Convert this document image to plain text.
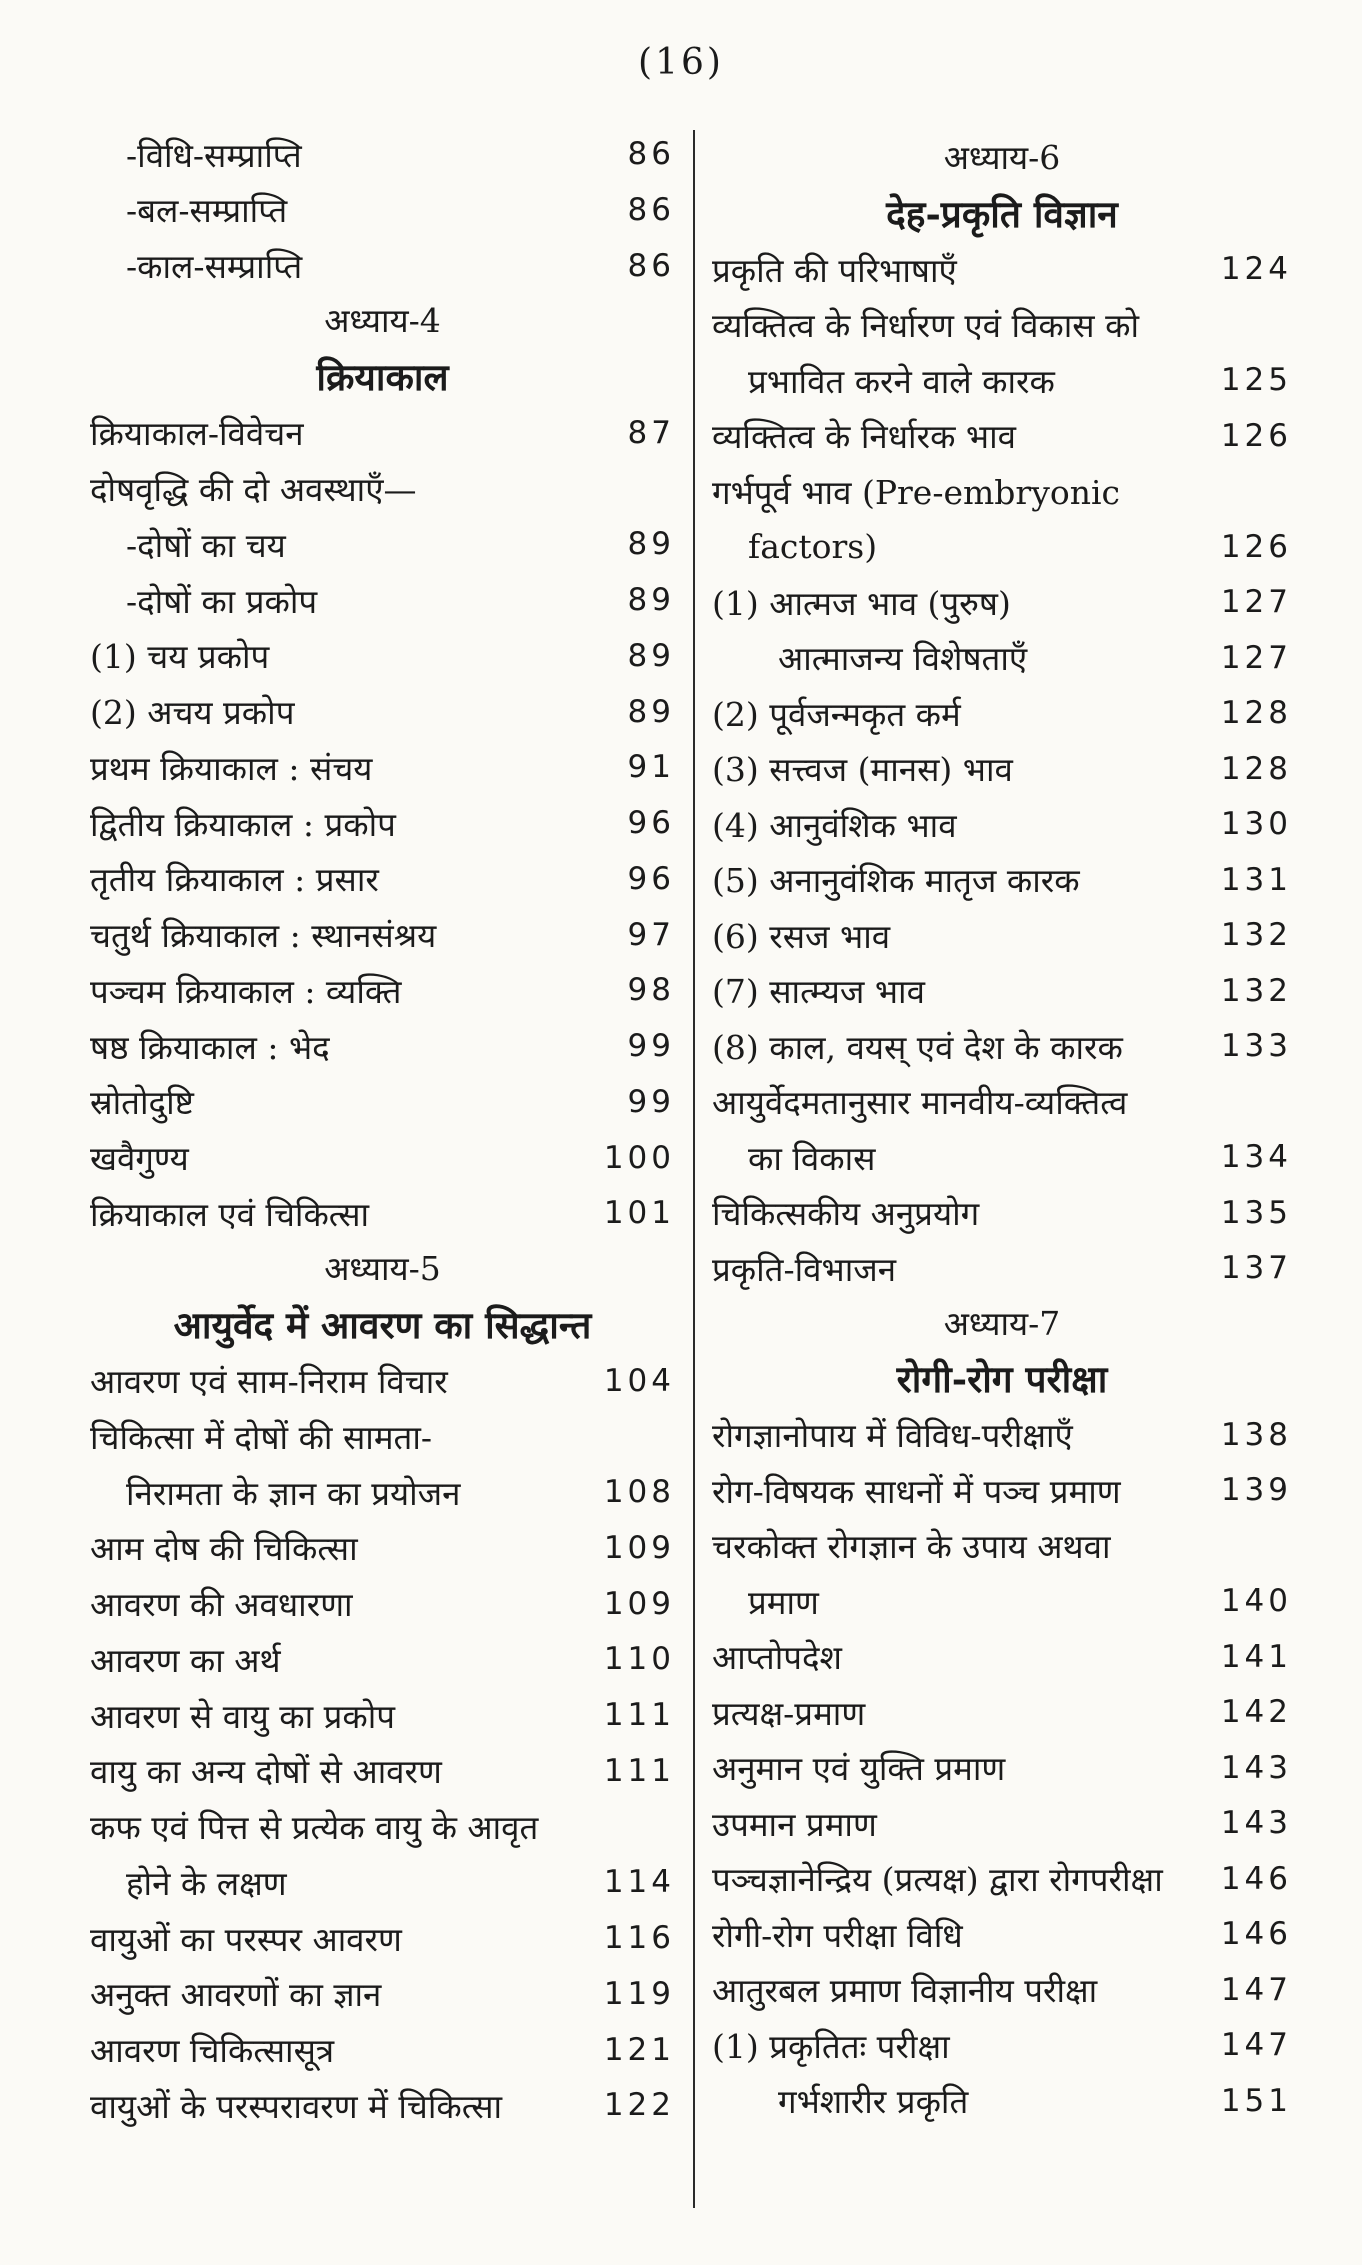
(16)
-विधि-सम्प्राप्ति	86
-बल-सम्प्राप्ति	86
-काल-सम्प्राप्ति	86
अध्याय-4
क्रियाकाल
क्रियाकाल-विवेचन	87
दोषवृद्धि की दो अवस्थाएँ—
-दोषों का चय	89
-दोषों का प्रकोप	89
(1) चय प्रकोप	89
(2) अचय प्रकोप	89
प्रथम क्रियाकाल : संचय	91
द्वितीय क्रियाकाल : प्रकोप	96
तृतीय क्रियाकाल : प्रसार	96
चतुर्थ क्रियाकाल : स्थानसंश्रय	97
पञ्चम क्रियाकाल : व्यक्ति	98
षष्ठ क्रियाकाल : भेद	99
स्रोतोदुष्टि	99
खवैगुण्य	100
क्रियाकाल एवं चिकित्सा	101
अध्याय-5
आयुर्वेद में आवरण का सिद्धान्त
आवरण एवं साम-निराम विचार	104
चिकित्सा में दोषों की सामता-
निरामता के ज्ञान का प्रयोजन	108
आम दोष की चिकित्सा	109
आवरण की अवधारणा	109
आवरण का अर्थ	110
आवरण से वायु का प्रकोप	111
वायु का अन्य दोषों से आवरण	111
कफ एवं पित्त से प्रत्येक वायु के आवृत
होने के लक्षण	114
वायुओं का परस्पर आवरण	116
अनुक्त आवरणों का ज्ञान	119
आवरण चिकित्सासूत्र	121
वायुओं के परस्परावरण में चिकित्सा	122
अध्याय-6
देह-प्रकृति विज्ञान
प्रकृति की परिभाषाएँ	124
व्यक्तित्व के निर्धारण एवं विकास को
प्रभावित करने वाले कारक	125
व्यक्तित्व के निर्धारक भाव	126
गर्भपूर्व भाव (Pre-embryonic
factors)	126
(1) आत्मज भाव (पुरुष)	127
आत्माजन्य विशेषताएँ	127
(2) पूर्वजन्मकृत कर्म	128
(3) सत्त्वज (मानस) भाव	128
(4) आनुवंशिक भाव	130
(5) अनानुवंशिक मातृज कारक	131
(6) रसज भाव	132
(7) सात्म्यज भाव	132
(8) काल, वयस् एवं देश के कारक	133
आयुर्वेदमतानुसार मानवीय-व्यक्तित्व
का विकास	134
चिकित्सकीय अनुप्रयोग	135
प्रकृति-विभाजन	137
अध्याय-7
रोगी-रोग परीक्षा
रोगज्ञानोपाय में विविध-परीक्षाएँ	138
रोग-विषयक साधनों में पञ्च प्रमाण	139
चरकोक्त रोगज्ञान के उपाय अथवा
प्रमाण	140
आप्तोपदेश	141
प्रत्यक्ष-प्रमाण	142
अनुमान एवं युक्ति प्रमाण	143
उपमान प्रमाण	143
पञ्चज्ञानेन्द्रिय (प्रत्यक्ष) द्वारा रोगपरीक्षा	146
रोगी-रोग परीक्षा विधि	146
आतुरबल प्रमाण विज्ञानीय परीक्षा	147
(1) प्रकृतितः परीक्षा	147
गर्भशारीर प्रकृति	151
